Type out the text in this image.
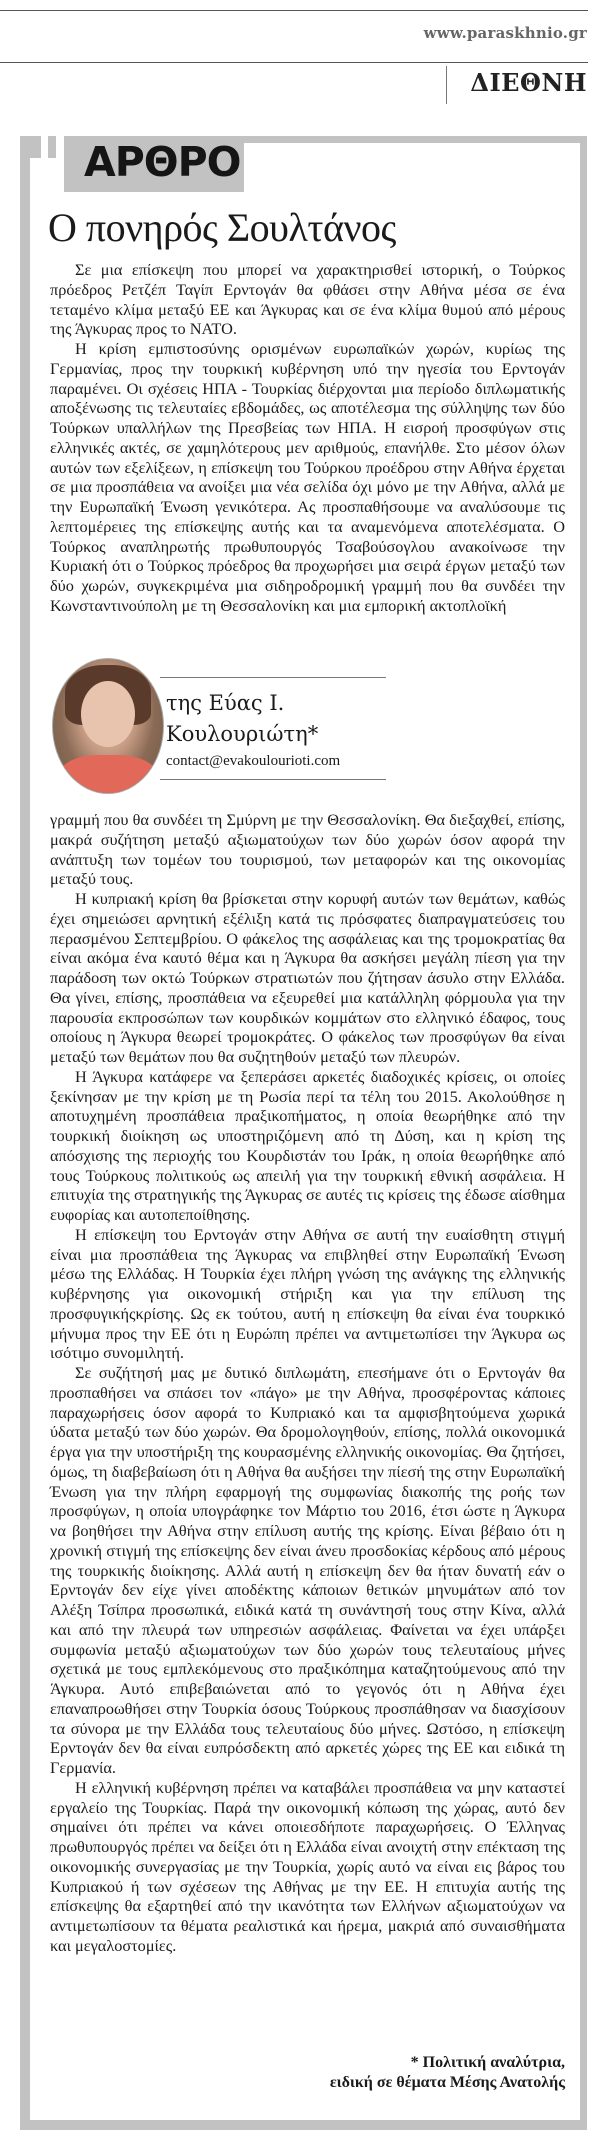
www.paraskhnio.gr
ΔΙΕΘΝΗ
ΑΡΘΡΟ
Ο πονηρός Σουλτάνος

Σε μια επίσκεψη που μπορεί να χαρακτηρισθεί ιστορική, ο Τούρκος πρόεδρος Ρετζέπ Ταγίπ Ερντογάν θα φθάσει στην Αθήνα μέσα σε ένα τεταμένο κλίμα μεταξύ ΕΕ και Άγκυρας και σε ένα κλίμα θυμού από μέρους της Άγκυρας προς το ΝΑΤΟ.

Η κρίση εμπιστοσύνης ορισμένων ευρωπαϊκών χωρών, κυρίως της Γερμανίας, προς την τουρκική κυβέρνηση υπό την ηγεσία του Ερντογάν παραμένει. Οι σχέσεις ΗΠΑ - Τουρκίας διέρχονται μια περίοδο διπλωματικής αποξένωσης τις τελευταίες εβδομάδες, ως αποτέλεσμα της σύλληψης των δύο Τούρκων υπαλλήλων της Πρεσβείας των ΗΠΑ. Η εισροή προσφύγων στις ελληνικές ακτές, σε χαμηλότερους μεν αριθμούς, επανήλθε. Στο μέσον όλων αυτών των εξελίξεων, η επίσκεψη του Τούρκου προέδρου στην Αθήνα έρχεται σε μια προσπάθεια να ανοίξει μια νέα σελίδα όχι μόνο με την Αθήνα, αλλά με την Ευρωπαϊκή Ένωση γενικότερα. Ας προσπαθήσουμε να αναλύσουμε τις λεπτομέρειες της επίσκεψης αυτής και τα αναμενόμενα αποτελέσματα. Ο Τούρκος αναπληρωτής πρωθυπουργός Τσαβούσογλου ανακοίνωσε την Κυριακή ότι ο Τούρκος πρόεδρος θα προχωρήσει μια σειρά έργων μεταξύ των δύο χωρών, συγκεκριμένα μια σιδηροδρομική γραμμή που θα συνδέει την Κωνσταντινούπολη με τη Θεσσαλονίκη και μια εμπορική ακτοπλοϊκή

της Εύας Ι.
Κουλουριώτη*
contact@evakoulourioti.com

γραμμή που θα συνδέει τη Σμύρνη με την Θεσσαλονίκη. Θα διεξαχθεί, επίσης, μακρά συζήτηση μεταξύ αξιωματούχων των δύο χωρών όσον αφορά την ανάπτυξη των τομέων του τουρισμού, των μεταφορών και της οικονομίας μεταξύ τους.

Η κυπριακή κρίση θα βρίσκεται στην κορυφή αυτών των θεμάτων, καθώς έχει σημειώσει αρνητική εξέλιξη κατά τις πρόσφατες διαπραγματεύσεις του περασμένου Σεπτεμβρίου. Ο φάκελος της ασφάλειας και της τρομοκρατίας θα είναι ακόμα ένα καυτό θέμα και η Άγκυρα θα ασκήσει μεγάλη πίεση για την παράδοση των οκτώ Τούρκων στρατιωτών που ζήτησαν άσυλο στην Ελλάδα. Θα γίνει, επίσης, προσπάθεια να εξευρεθεί μια κατάλληλη φόρμουλα για την παρουσία εκπροσώπων των κουρδικών κομμάτων στο ελληνικό έδαφος, τους οποίους η Άγκυρα θεωρεί τρομοκράτες. Ο φάκελος των προσφύγων θα είναι μεταξύ των θεμάτων που θα συζητηθούν μεταξύ των πλευρών.

Η Άγκυρα κατάφερε να ξεπεράσει αρκετές διαδοχικές κρίσεις, οι οποίες ξεκίνησαν με την κρίση με τη Ρωσία περί τα τέλη του 2015. Ακολούθησε η αποτυχημένη προσπάθεια πραξικοπήματος, η οποία θεωρήθηκε από την τουρκική διοίκηση ως υποστηριζόμενη από τη Δύση, και η κρίση της απόσχισης της περιοχής του Κουρδιστάν του Ιράκ, η οποία θεωρήθηκε από τους Τούρκους πολιτικούς ως απειλή για την τουρκική εθνική ασφάλεια. Η επιτυχία της στρατηγικής της Άγκυρας σε αυτές τις κρίσεις της έδωσε αίσθημα ευφορίας και αυτοπεποίθησης.

Η επίσκεψη του Ερντογάν στην Αθήνα σε αυτή την ευαίσθητη στιγμή είναι μια προσπάθεια της Άγκυρας να επιβληθεί στην Ευρωπαϊκή Ένωση μέσω της Ελλάδας. Η Τουρκία έχει πλήρη γνώση της ανάγκης της ελληνικής κυβέρνησης για οικονομική στήριξη και για την επίλυση της προσφυγικήςκρίσης. Ως εκ τούτου, αυτή η επίσκεψη θα είναι ένα τουρκικό μήνυμα προς την ΕΕ ότι η Ευρώπη πρέπει να αντιμετωπίσει την Άγκυρα ως ισότιμο συνομιλητή.

Σε συζήτησή μας με δυτικό διπλωμάτη, επεσήμανε ότι ο Ερντογάν θα προσπαθήσει να σπάσει τον «πάγο» με την Αθήνα, προσφέροντας κάποιες παραχωρήσεις όσον αφορά το Κυπριακό και τα αμφισβητούμενα χωρικά ύδατα μεταξύ των δύο χωρών. Θα δρομολογηθούν, επίσης, πολλά οικονομικά έργα για την υποστήριξη της κουρασμένης ελληνικής οικονομίας. Θα ζητήσει, όμως, τη διαβεβαίωση ότι η Αθήνα θα αυξήσει την πίεσή της στην Ευρωπαϊκή Ένωση για την πλήρη εφαρμογή της συμφωνίας διακοπής της ροής των προσφύγων, η οποία υπογράφηκε τον Μάρτιο του 2016, έτσι ώστε η Άγκυρα να βοηθήσει την Αθήνα στην επίλυση αυτής της κρίσης. Είναι βέβαιο ότι η χρονική στιγμή της επίσκεψης δεν είναι άνευ προσδοκίας κέρδους από μέρους της τουρκικής διοίκησης. Αλλά αυτή η επίσκεψη δεν θα ήταν δυνατή εάν ο Ερντογάν δεν είχε γίνει αποδέκτης κάποιων θετικών μηνυμάτων από τον Αλέξη Τσίπρα προσωπικά, ειδικά κατά τη συνάντησή τους στην Κίνα, αλλά και από την πλευρά των υπηρεσιών ασφάλειας. Φαίνεται να έχει υπάρξει συμφωνία μεταξύ αξιωματούχων των δύο χωρών τους τελευταίους μήνες σχετικά με τους εμπλεκόμενους στο πραξικόπημα καταζητούμενους από την Άγκυρα. Αυτό επιβεβαιώνεται από το γεγονός ότι η Αθήνα έχει επαναπροωθήσει στην Τουρκία όσους Τούρκους προσπάθησαν να διασχίσουν τα σύνορα με την Ελλάδα τους τελευταίους δύο μήνες. Ωστόσο, η επίσκεψη Ερντογάν δεν θα είναι ευπρόσδεκτη από αρκετές χώρες της ΕΕ και ειδικά τη Γερμανία.

Η ελληνική κυβέρνηση πρέπει να καταβάλει προσπάθεια να μην καταστεί εργαλείο της Τουρκίας. Παρά την οικονομική κόπωση της χώρας, αυτό δεν σημαίνει ότι πρέπει να κάνει οποιεσδήποτε παραχωρήσεις. Ο Έλληνας πρωθυπουργός πρέπει να δείξει ότι η Ελλάδα είναι ανοιχτή στην επέκταση της οικονομικής συνεργασίας με την Τουρκία, χωρίς αυτό να είναι εις βάρος του Κυπριακού ή των σχέσεων της Αθήνας με την ΕΕ. Η επιτυχία αυτής της επίσκεψης θα εξαρτηθεί από την ικανότητα των Ελλήνων αξιωματούχων να αντιμετωπίσουν τα θέματα ρεαλιστικά και ήρεμα, μακριά από συναισθήματα και μεγαλοστομίες.

* Πολιτική αναλύτρια,
ειδική σε θέματα Μέσης Ανατολής
